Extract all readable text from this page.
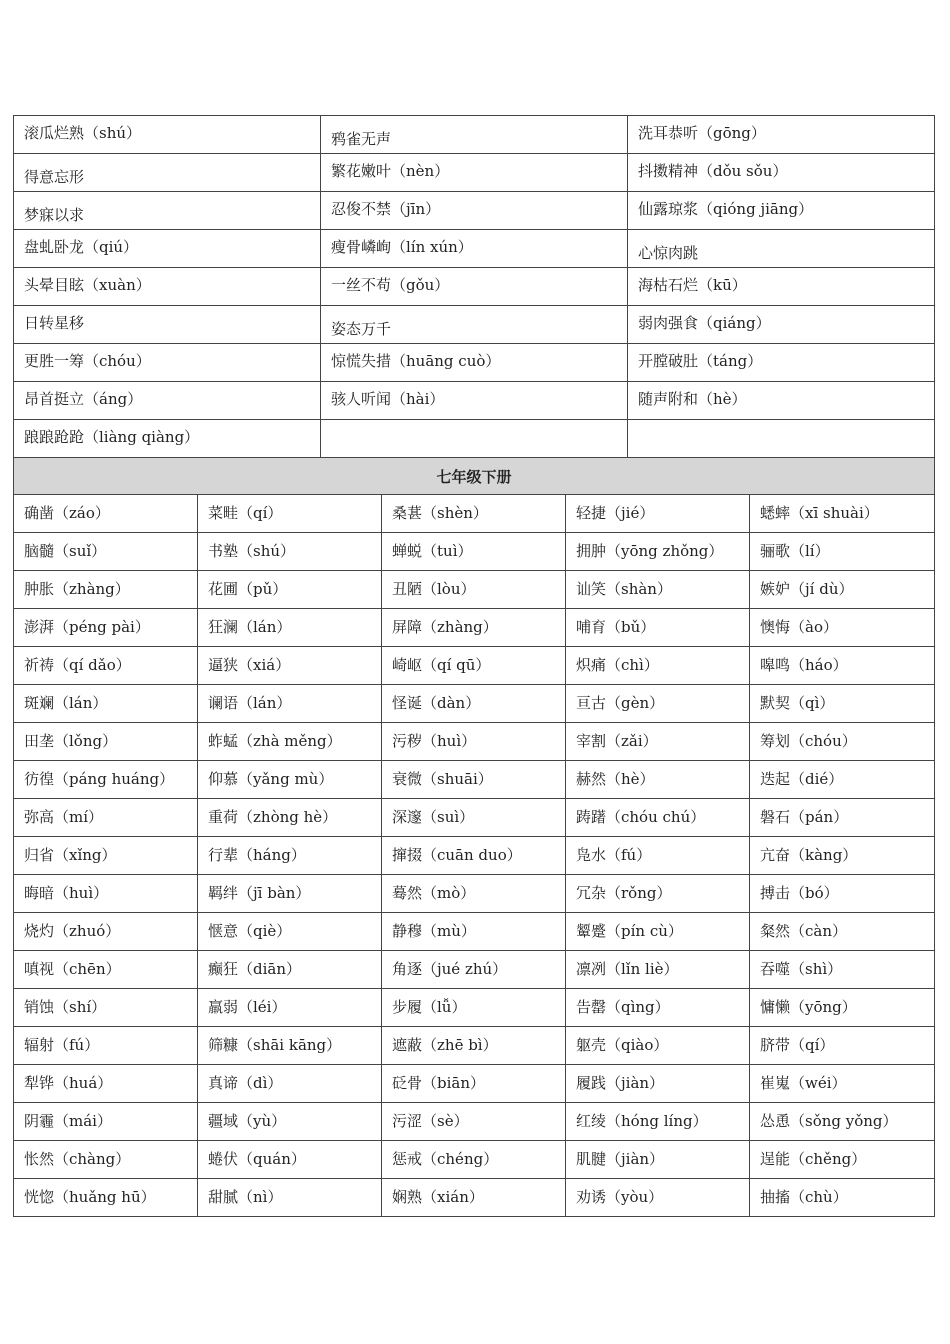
滚瓜烂熟（shú）	鸦雀无声	洗耳恭听（gōng）

得意忘形	繁花嫩叶（nèn）	抖擞精神（dǒu sǒu）

梦寐以求	忍俊不禁（jīn）	仙露琼浆（qióng jiāng）

盘虬卧龙（qiú）	瘦骨嶙峋（lín xún）	心惊肉跳

头晕目眩（xuàn）	一丝不苟（gǒu）	海枯石烂（kū）

日转星移	姿态万千	弱肉强食（qiáng）

更胜一筹（chóu）	惊慌失措（huāng cuò）	开膛破肚（táng）

昂首挺立（áng）	骇人听闻（hài）	随声附和（hè）

踉踉跄跄（liàng qiàng）		

七年级下册				

确凿（záo）	菜畦（qí）	桑葚（shèn）	轻捷（jié）	蟋蟀（xī shuài）

脑髓（suǐ）	书塾（shú）	蝉蜕（tuì）	拥肿（yōng zhǒng）	骊歌（lí）

肿胀（zhàng）	花圃（pǔ）	丑陋（lòu）	讪笑（shàn）	嫉妒（jí dù）

澎湃（péng pài）	狂澜（lán）	屏障（zhàng）	哺育（bǔ）	懊悔（ào）

祈祷（qí dǎo）	逼狭（xiá）	崎岖（qí qū）	炽痛（chì）	嗥鸣（háo）

斑斓（lán）	谰语（lán）	怪诞（dàn）	亘古（gèn）	默契（qì）

田垄（lǒng）	蚱蜢（zhà měng）	污秽（huì）	宰割（zǎi）	筹划（chóu）

彷徨（páng huáng）	仰慕（yǎng mù）	衰微（shuāi）	赫然（hè）	迭起（dié）

弥高（mí）	重荷（zhòng hè）	深邃（suì）	踌躇（chóu chú）	磐石（pán）

归省（xǐng）	行辈（háng）	撺掇（cuān duo）	凫水（fú）	亢奋（kàng）

晦暗（huì）	羁绊（jī bàn）	蓦然（mò）	冗杂（rǒng）	搏击（bó）

烧灼（zhuó）	惬意（qiè）	静穆（mù）	颦蹙（pín cù）	粲然（càn）

嗔视（chēn）	癫狂（diān）	角逐（jué zhú）	凛冽（lǐn liè）	吞噬（shì）

销蚀（shí）	羸弱（léi）	步履（lǚ）	告罄（qìng）	慵懒（yōng）

辐射（fú）	筛糠（shāi kāng）	遮蔽（zhē bì）	躯壳（qiào）	脐带（qí）

犁铧（huá）	真谛（dì）	砭骨（biān）	履践（jiàn）	崔嵬（wéi）

阴霾（mái）	疆域（yù）	污涩（sè）	红绫（hóng líng）	怂恿（sǒng yǒng）

怅然（chàng）	蜷伏（quán）	惩戒（chéng）	肌腱（jiàn）	逞能（chěng）

恍惚（huǎng hū）	甜腻（nì）	娴熟（xián）	劝诱（yòu）	抽搐（chù）
